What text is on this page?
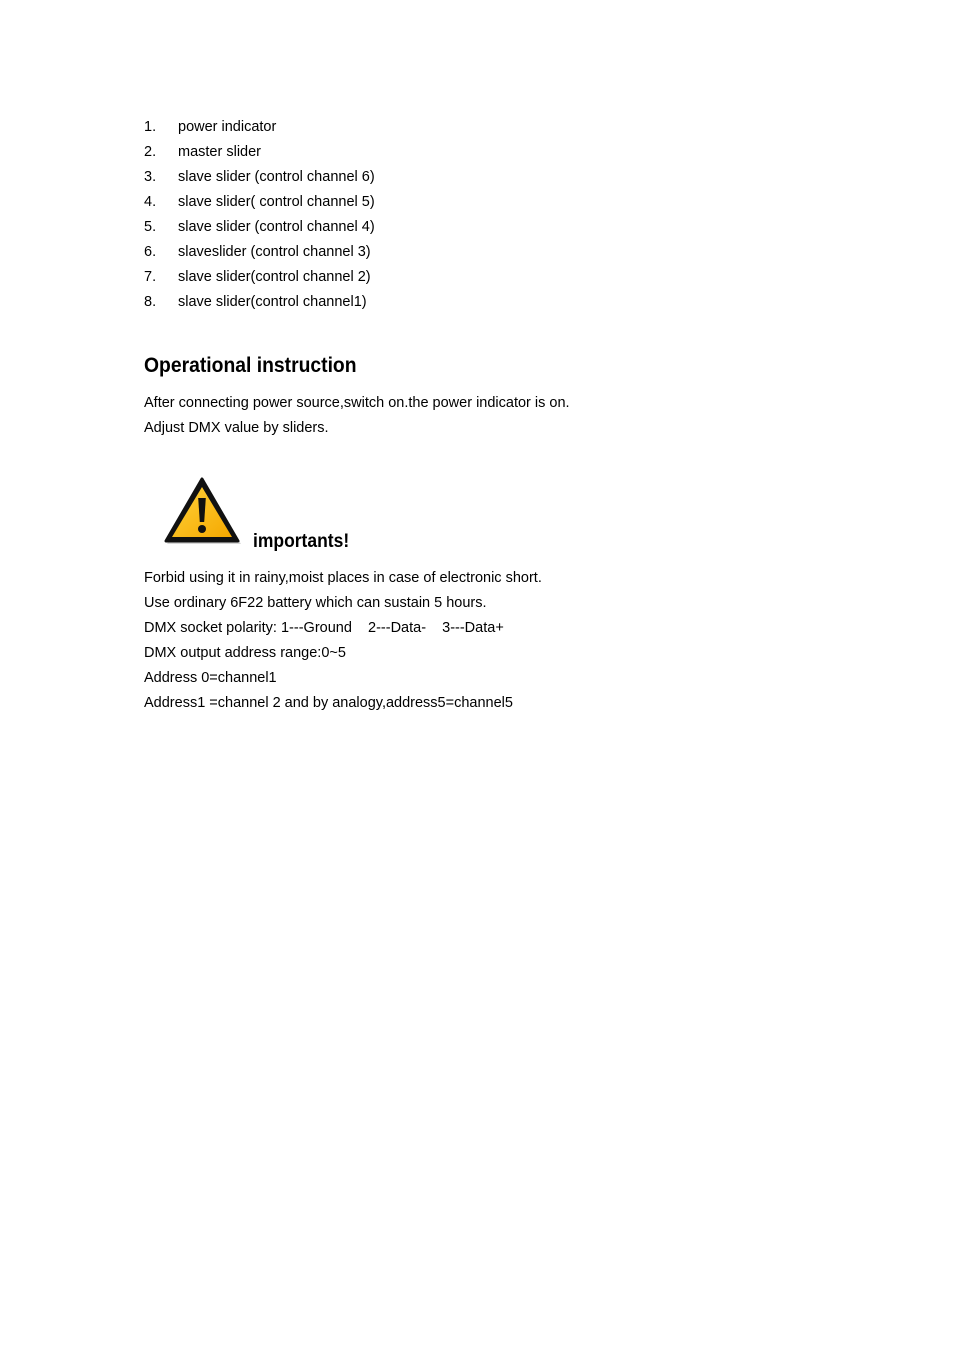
1. power indicator
2. master slider
3. slave slider (control channel 6)
4. slave slider( control channel 5)
5. slave slider (control channel 4)
6. slaveslider (control channel 3)
7. slave slider(control channel 2)
8. slave slider(control channel1)
Operational instruction

After connecting power source,switch on.the power indicator is on.

Adjust DMX value by sliders.

importants!

Forbid using it in rainy,moist places in case of electronic short.

Use ordinary 6F22 battery which can sustain 5 hours.

DMX socket polarity: 1---Ground    2---Data-    3---Data+

DMX output address range:0~5

Address 0=channel1

Address1 =channel 2 and by analogy,address5=channel5
